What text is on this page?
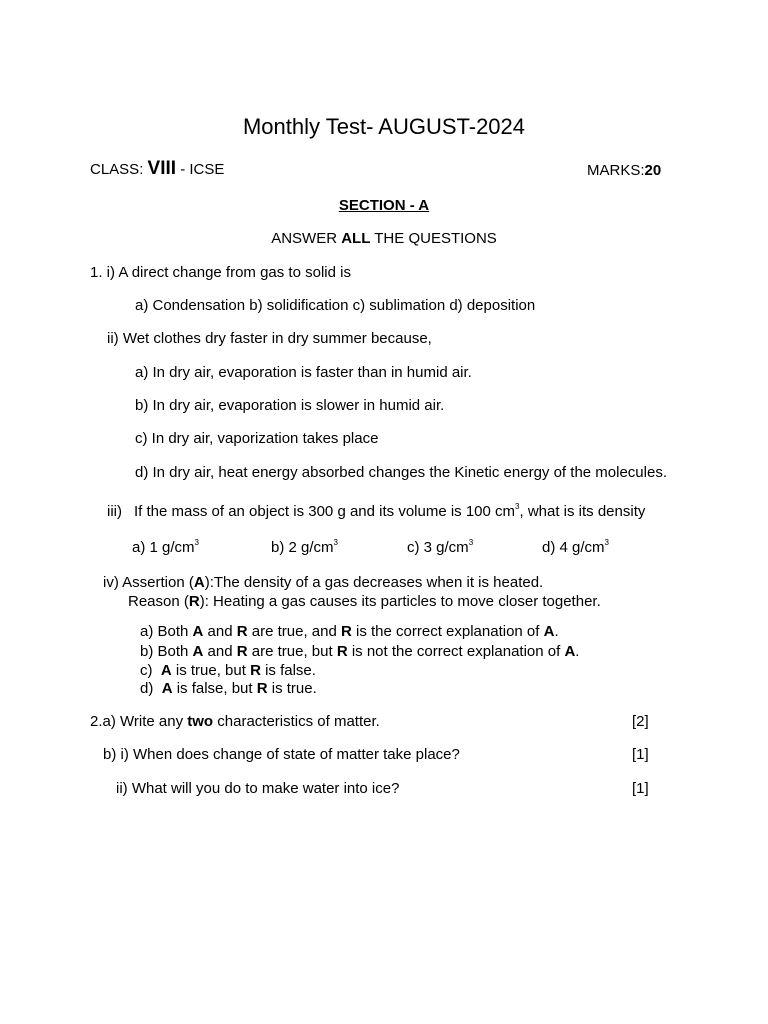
Monthly Test- AUGUST-2024
CLASS: VIII - ICSE	MARKS:20
SECTION - A
ANSWER ALL THE QUESTIONS
1. i) A direct change from gas to solid is
a) Condensation b) solidification c) sublimation d) deposition
ii) Wet clothes dry faster in dry summer because,
a) In dry air, evaporation is faster than in humid air.
b) In dry air, evaporation is slower in humid air.
c) In dry air, vaporization takes place
d) In dry air, heat energy absorbed changes the Kinetic energy of the molecules.
iii) If the mass of an object is 300 g and its volume is 100 $cm^3$, what is its density
a) 1 $g/cm^3$	b) 2 $g/cm^3$	c) 3 $g/cm^3$	d) 4 $g/cm^3$
iv) Assertion (A):The density of a gas decreases when it is heated.
Reason (R): Heating a gas causes its particles to move closer together.
a) Both A and R are true, and R is the correct explanation of A.
b) Both A and R are true, but R is not the correct explanation of A.
c)  A is true, but R is false.
d)  A is false, but R is true.
2.a) Write any two characteristics of matter.	[2]
b) i) When does change of state of matter take place?	[1]
ii) What will you do to make water into ice?	[1]
